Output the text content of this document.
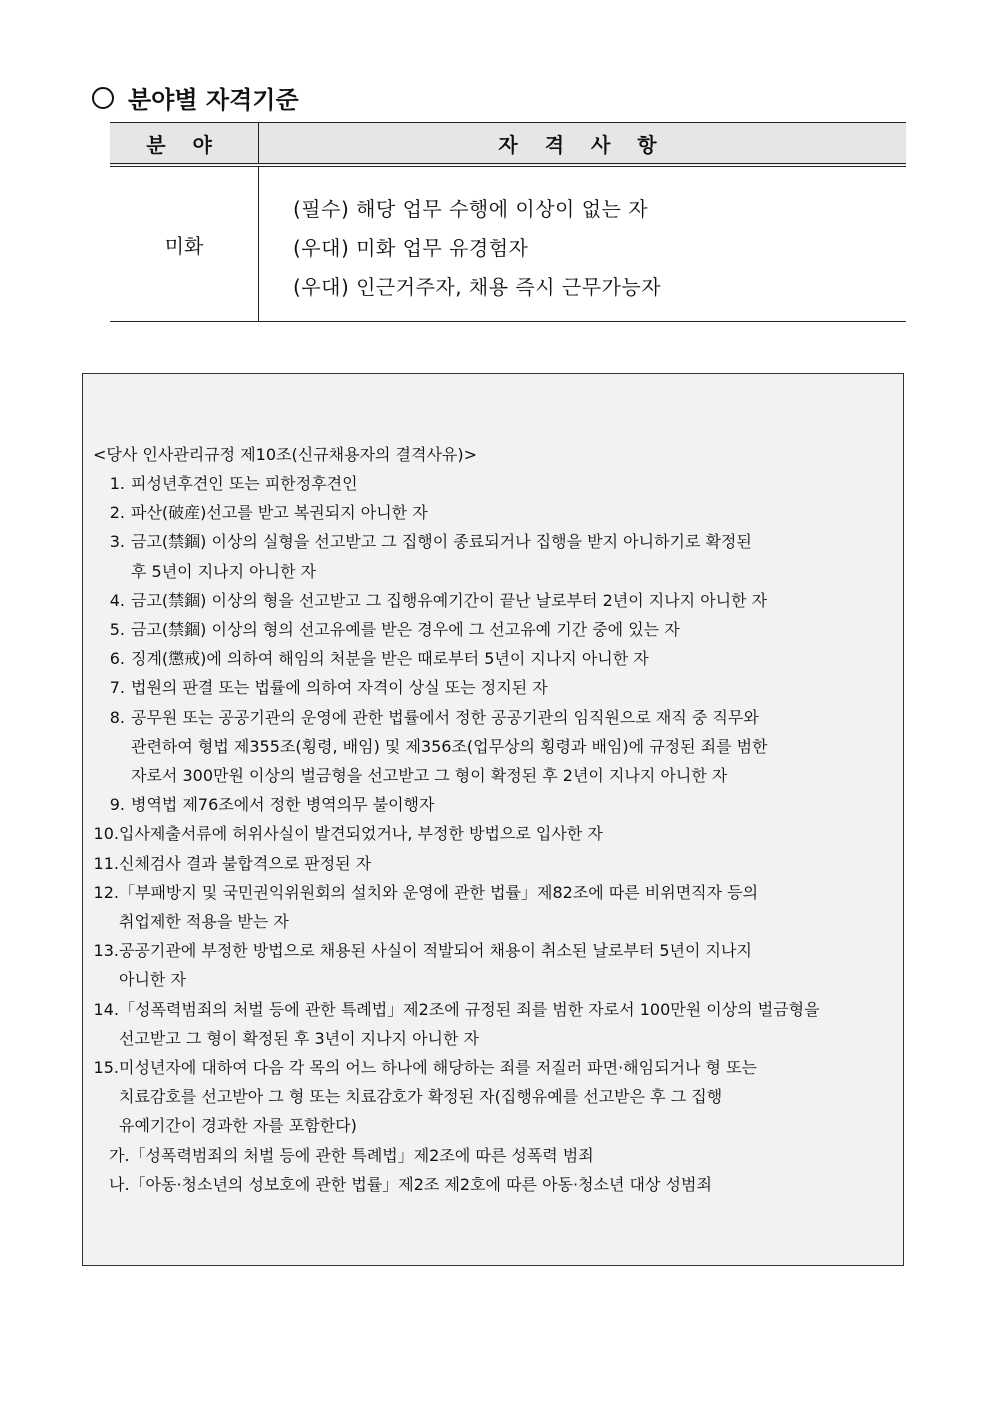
분야별 자격기준
분 야	자 격 사 항
미화	(필수) 해당 업무 수행에 이상이 없는 자
(우대) 미화 업무 유경험자
(우대) 인근거주자, 채용 즉시 근무가능자
<당사 인사관리규정 제10조(신규채용자의 결격사유)>
1. 피성년후견인 또는 피한정후견인
2. 파산(破産)선고를 받고 복권되지 아니한 자
3. 금고(禁錮) 이상의 실형을 선고받고 그 집행이 종료되거나 집행을 받지 아니하기로 확정된
후 5년이 지나지 아니한 자
4. 금고(禁錮) 이상의 형을 선고받고 그 집행유예기간이 끝난 날로부터 2년이 지나지 아니한 자
5. 금고(禁錮) 이상의 형의 선고유예를 받은 경우에 그 선고유예 기간 중에 있는 자
6. 징계(懲戒)에 의하여 해임의 처분을 받은 때로부터 5년이 지나지 아니한 자
7. 법원의 판결 또는 법률에 의하여 자격이 상실 또는 정지된 자
8. 공무원 또는 공공기관의 운영에 관한 법률에서 정한 공공기관의 임직원으로 재직 중 직무와
관련하여 형법 제355조(횡령, 배임) 및 제356조(업무상의 횡령과 배임)에 규정된 죄를 범한
자로서 300만원 이상의 벌금형을 선고받고 그 형이 확정된 후 2년이 지나지 아니한 자
9. 병역법 제76조에서 정한 병역의무 불이행자
10. 입사제출서류에 허위사실이 발견되었거나, 부정한 방법으로 입사한 자
11. 신체검사 결과 불합격으로 판정된 자
12. 「부패방지 및 국민권익위원회의 설치와 운영에 관한 법률」제82조에 따른 비위면직자 등의
취업제한 적용을 받는 자
13. 공공기관에 부정한 방법으로 채용된 사실이 적발되어 채용이 취소된 날로부터 5년이 지나지
아니한 자
14. 「성폭력범죄의 처벌 등에 관한 특례법」제2조에 규정된 죄를 범한 자로서 100만원 이상의 벌금형을
선고받고 그 형이 확정된 후 3년이 지나지 아니한 자
15. 미성년자에 대하여 다음 각 목의 어느 하나에 해당하는 죄를 저질러 파면·해임되거나 형 또는
치료감호를 선고받아 그 형 또는 치료감호가 확정된 자(집행유예를 선고받은 후 그 집행
유예기간이 경과한 자를 포함한다)
가.「성폭력범죄의 처벌 등에 관한 특례법」제2조에 따른 성폭력 범죄
나.「아동·청소년의 성보호에 관한 법률」제2조 제2호에 따른 아동·청소년 대상 성범죄
